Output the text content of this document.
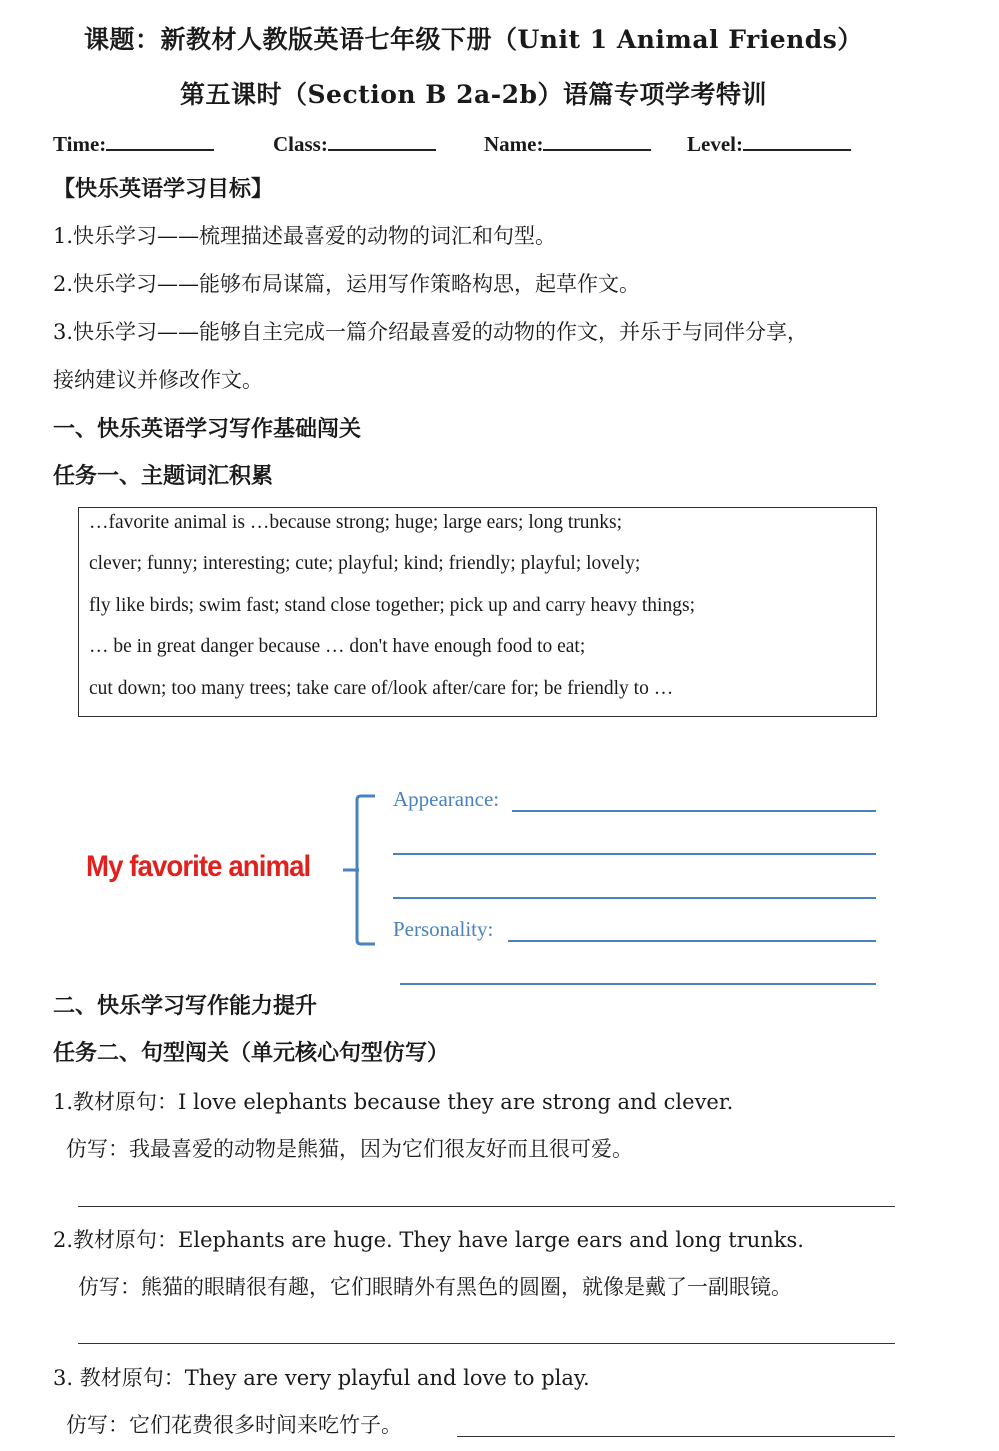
课题：新教材人教版英语七年级下册（Unit 1 Animal Friends）
第五课时（Section B 2a-2b）语篇专项学考特训
Time:	Class:	Name:	Level:
【快乐英语学习目标】
1.快乐学习——梳理描述最喜爱的动物的词汇和句型。
2.快乐学习——能够布局谋篇，运用写作策略构思，起草作文。
3.快乐学习——能够自主完成一篇介绍最喜爱的动物的作文，并乐于与同伴分享，
接纳建议并修改作文。
一、快乐英语学习写作基础闯关
任务一、主题词汇积累
…favorite animal is …because strong; huge; large ears; long trunks;
clever; funny; interesting; cute; playful; kind; friendly; playful; lovely;
fly like birds; swim fast; stand close together; pick up and carry heavy things;
… be in great danger because … don't have enough food to eat;
cut down; too many trees; take care of/look after/care for; be friendly to …
My favorite animal
Appearance:
Personality:
二、快乐学习写作能力提升
任务二、句型闯关（单元核心句型仿写）
1.教材原句：I love elephants because they are strong and clever.
仿写：我最喜爱的动物是熊猫，因为它们很友好而且很可爱。
2.教材原句：Elephants are huge. They have large ears and long trunks.
仿写：熊猫的眼睛很有趣，它们眼睛外有黑色的圆圈，就像是戴了一副眼镜。
3. 教材原句：They are very playful and love to play.
仿写：它们花费很多时间来吃竹子。
